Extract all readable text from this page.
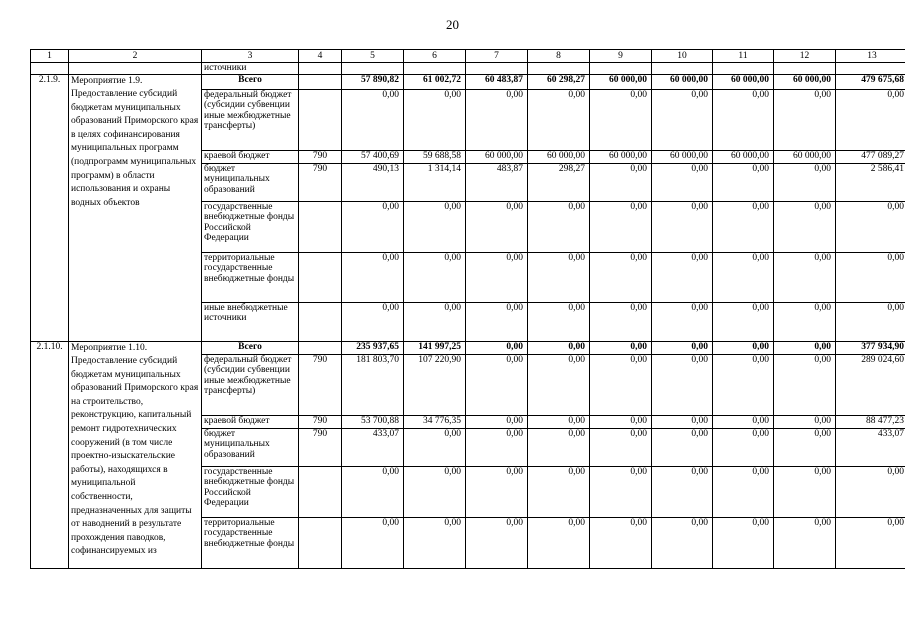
20
1	2	3	4	5	6	7	8	9	10	11	12	13
		источники										
2.1.9.	Мероприятие 1.9. Предоставление субсидий бюджетам муниципальных образований Приморского края в целях софинансирования муниципальных программ (подпрограмм муниципальных программ) в области использования и охраны водных объектов	Всего		57 890,82	61 002,72	60 483,87	60 298,27	60 000,00	60 000,00	60 000,00	60 000,00	479 675,68
		федеральный бюджет (субсидии субвенции иные межбюджетные трансферты)		0,00	0,00	0,00	0,00	0,00	0,00	0,00	0,00	0,00
		краевой бюджет	790	57 400,69	59 688,58	60 000,00	60 000,00	60 000,00	60 000,00	60 000,00	60 000,00	477 089,27
		бюджет муниципальных образований	790	490,13	1 314,14	483,87	298,27	0,00	0,00	0,00	0,00	2 586,41
		государственные внебюджетные фонды Российской Федерации		0,00	0,00	0,00	0,00	0,00	0,00	0,00	0,00	0,00
		территориальные государственные внебюджетные фонды		0,00	0,00	0,00	0,00	0,00	0,00	0,00	0,00	0,00
		иные внебюджетные источники		0,00	0,00	0,00	0,00	0,00	0,00	0,00	0,00	0,00
2.1.10.	Мероприятие 1.10. Предоставление субсидий бюджетам муниципальных образований Приморского края на строительство, реконструкцию, капитальный ремонт гидротехнических сооружений (в том числе проектно-изыскательские работы), находящихся в муниципальной собственности, предназначенных для защиты от наводнений в результате прохождения паводков, софинансируемых из	Всего		235 937,65	141 997,25	0,00	0,00	0,00	0,00	0,00	0,00	377 934,90
		федеральный бюджет (субсидии субвенции иные межбюджетные трансферты)	790	181 803,70	107 220,90	0,00	0,00	0,00	0,00	0,00	0,00	289 024,60
		краевой бюджет	790	53 700,88	34 776,35	0,00	0,00	0,00	0,00	0,00	0,00	88 477,23
		бюджет муниципальных образований	790	433,07	0,00	0,00	0,00	0,00	0,00	0,00	0,00	433,07
		государственные внебюджетные фонды Российской Федерации		0,00	0,00	0,00	0,00	0,00	0,00	0,00	0,00	0,00
		территориальные государственные внебюджетные фонды		0,00	0,00	0,00	0,00	0,00	0,00	0,00	0,00	0,00
